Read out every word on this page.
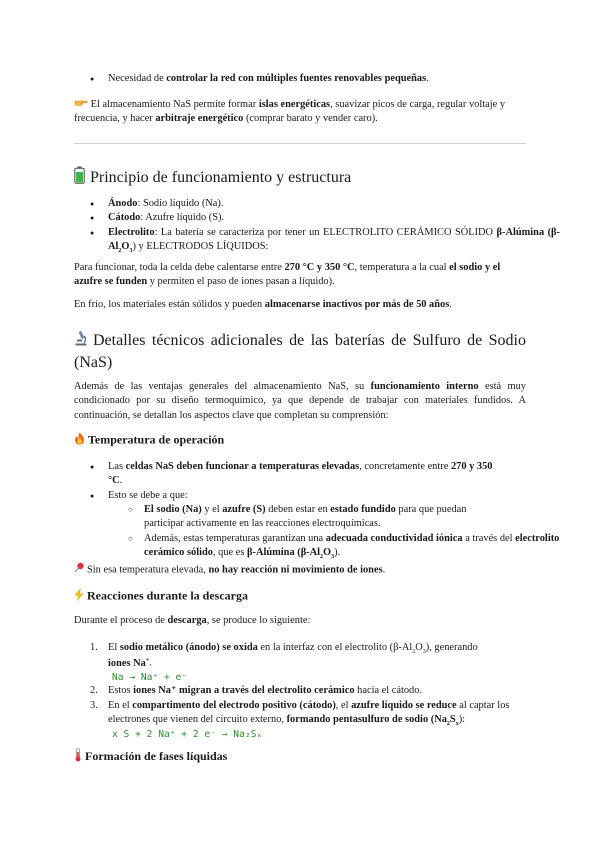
● Necesidad de controlar la red con múltiples fuentes renovables pequeñas.

El almacenamiento NaS permite formar islas energéticas, suavizar picos de carga, regular voltaje y frecuencia, y hacer arbitraje energético (comprar barato y vender caro).

Principio de funcionamiento y estructura
● Ánodo: Sodio líquido (Na).
● Cátodo: Azufre líquido (S).
● Electrolito: La batería se caracteriza por tener un ELECTROLITO CERÁMICO SÓLIDO β-Alúmina $(\beta-Al_2O_3)$ y ELECTRODOS LÍQUIDOS:

Para funcionar, toda la celda debe calentarse entre 270 °C y 350 °C, temperatura a la cual el sodio y el azufre se funden y permiten el paso de iones pasan a líquido).

En frío, los materiales están sólidos y pueden almacenarse inactivos por más de 50 años.

Detalles técnicos adicionales de las baterías de Sulfuro de Sodio (NaS)

Además de las ventajas generales del almacenamiento NaS, su funcionamiento interno está muy condicionado por su diseño termoquímico, ya que depende de trabajar con materiales fundidos. A continuación, se detallan los aspectos clave que completan su comprensión:

Temperatura de operación
● Las celdas NaS deben funcionar a temperaturas elevadas, concretamente entre 270 y 350 °C.
● Esto se debe a que:
○ El sodio (Na) y el azufre (S) deben estar en estado fundido para que puedan participar activamente en las reacciones electroquímicas.
○ Además, estas temperaturas garantizan una adecuada conductividad iónica a través del electrolito cerámico sólido, que es β-Alúmina $(\beta-Al_2O_3)$.

Sin esa temperatura elevada, no hay reacción ni movimiento de iones.

Reacciones durante la descarga

Durante el proceso de descarga, se produce lo siguiente:

1. El sodio metálico (ánodo) se oxida en la interfaz con el electrolito $(\beta-Al_2O_3)$, generando iones Na+.
Na → Na⁺ + e⁻
2. Estos iones Na⁺ migran a través del electrolito cerámico hacia el cátodo.
3. En el compartimento del electrodo positivo (cátodo), el azufre líquido se reduce al captar los electrones que vienen del circuito externo, formando pentasulfuro de sodio $(Na_2S_x)$:
x S + 2 Na⁺ + 2 e⁻ → Na₂Sₓ
Formación de fases líquidas
